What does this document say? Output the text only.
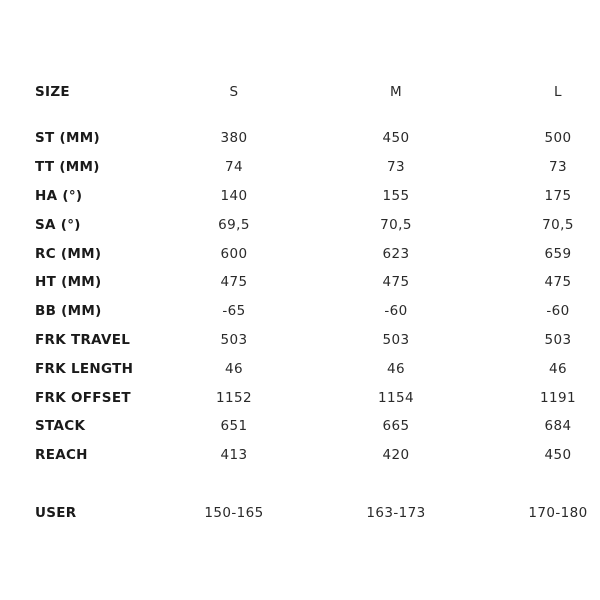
SIZE	S	M	L
ST (MM)	380	450	500
TT (MM)	74	73	73
HA (°)	140	155	175
SA (°)	69,5	70,5	70,5
RC (MM)	600	623	659
HT (MM)	475	475	475
BB (MM)	-65	-60	-60
FRK TRAVEL	503	503	503
FRK LENGTH	46	46	46
FRK OFFSET	1152	1154	1191
STACK	651	665	684
REACH	413	420	450
USER	150-165	163-173	170-180
